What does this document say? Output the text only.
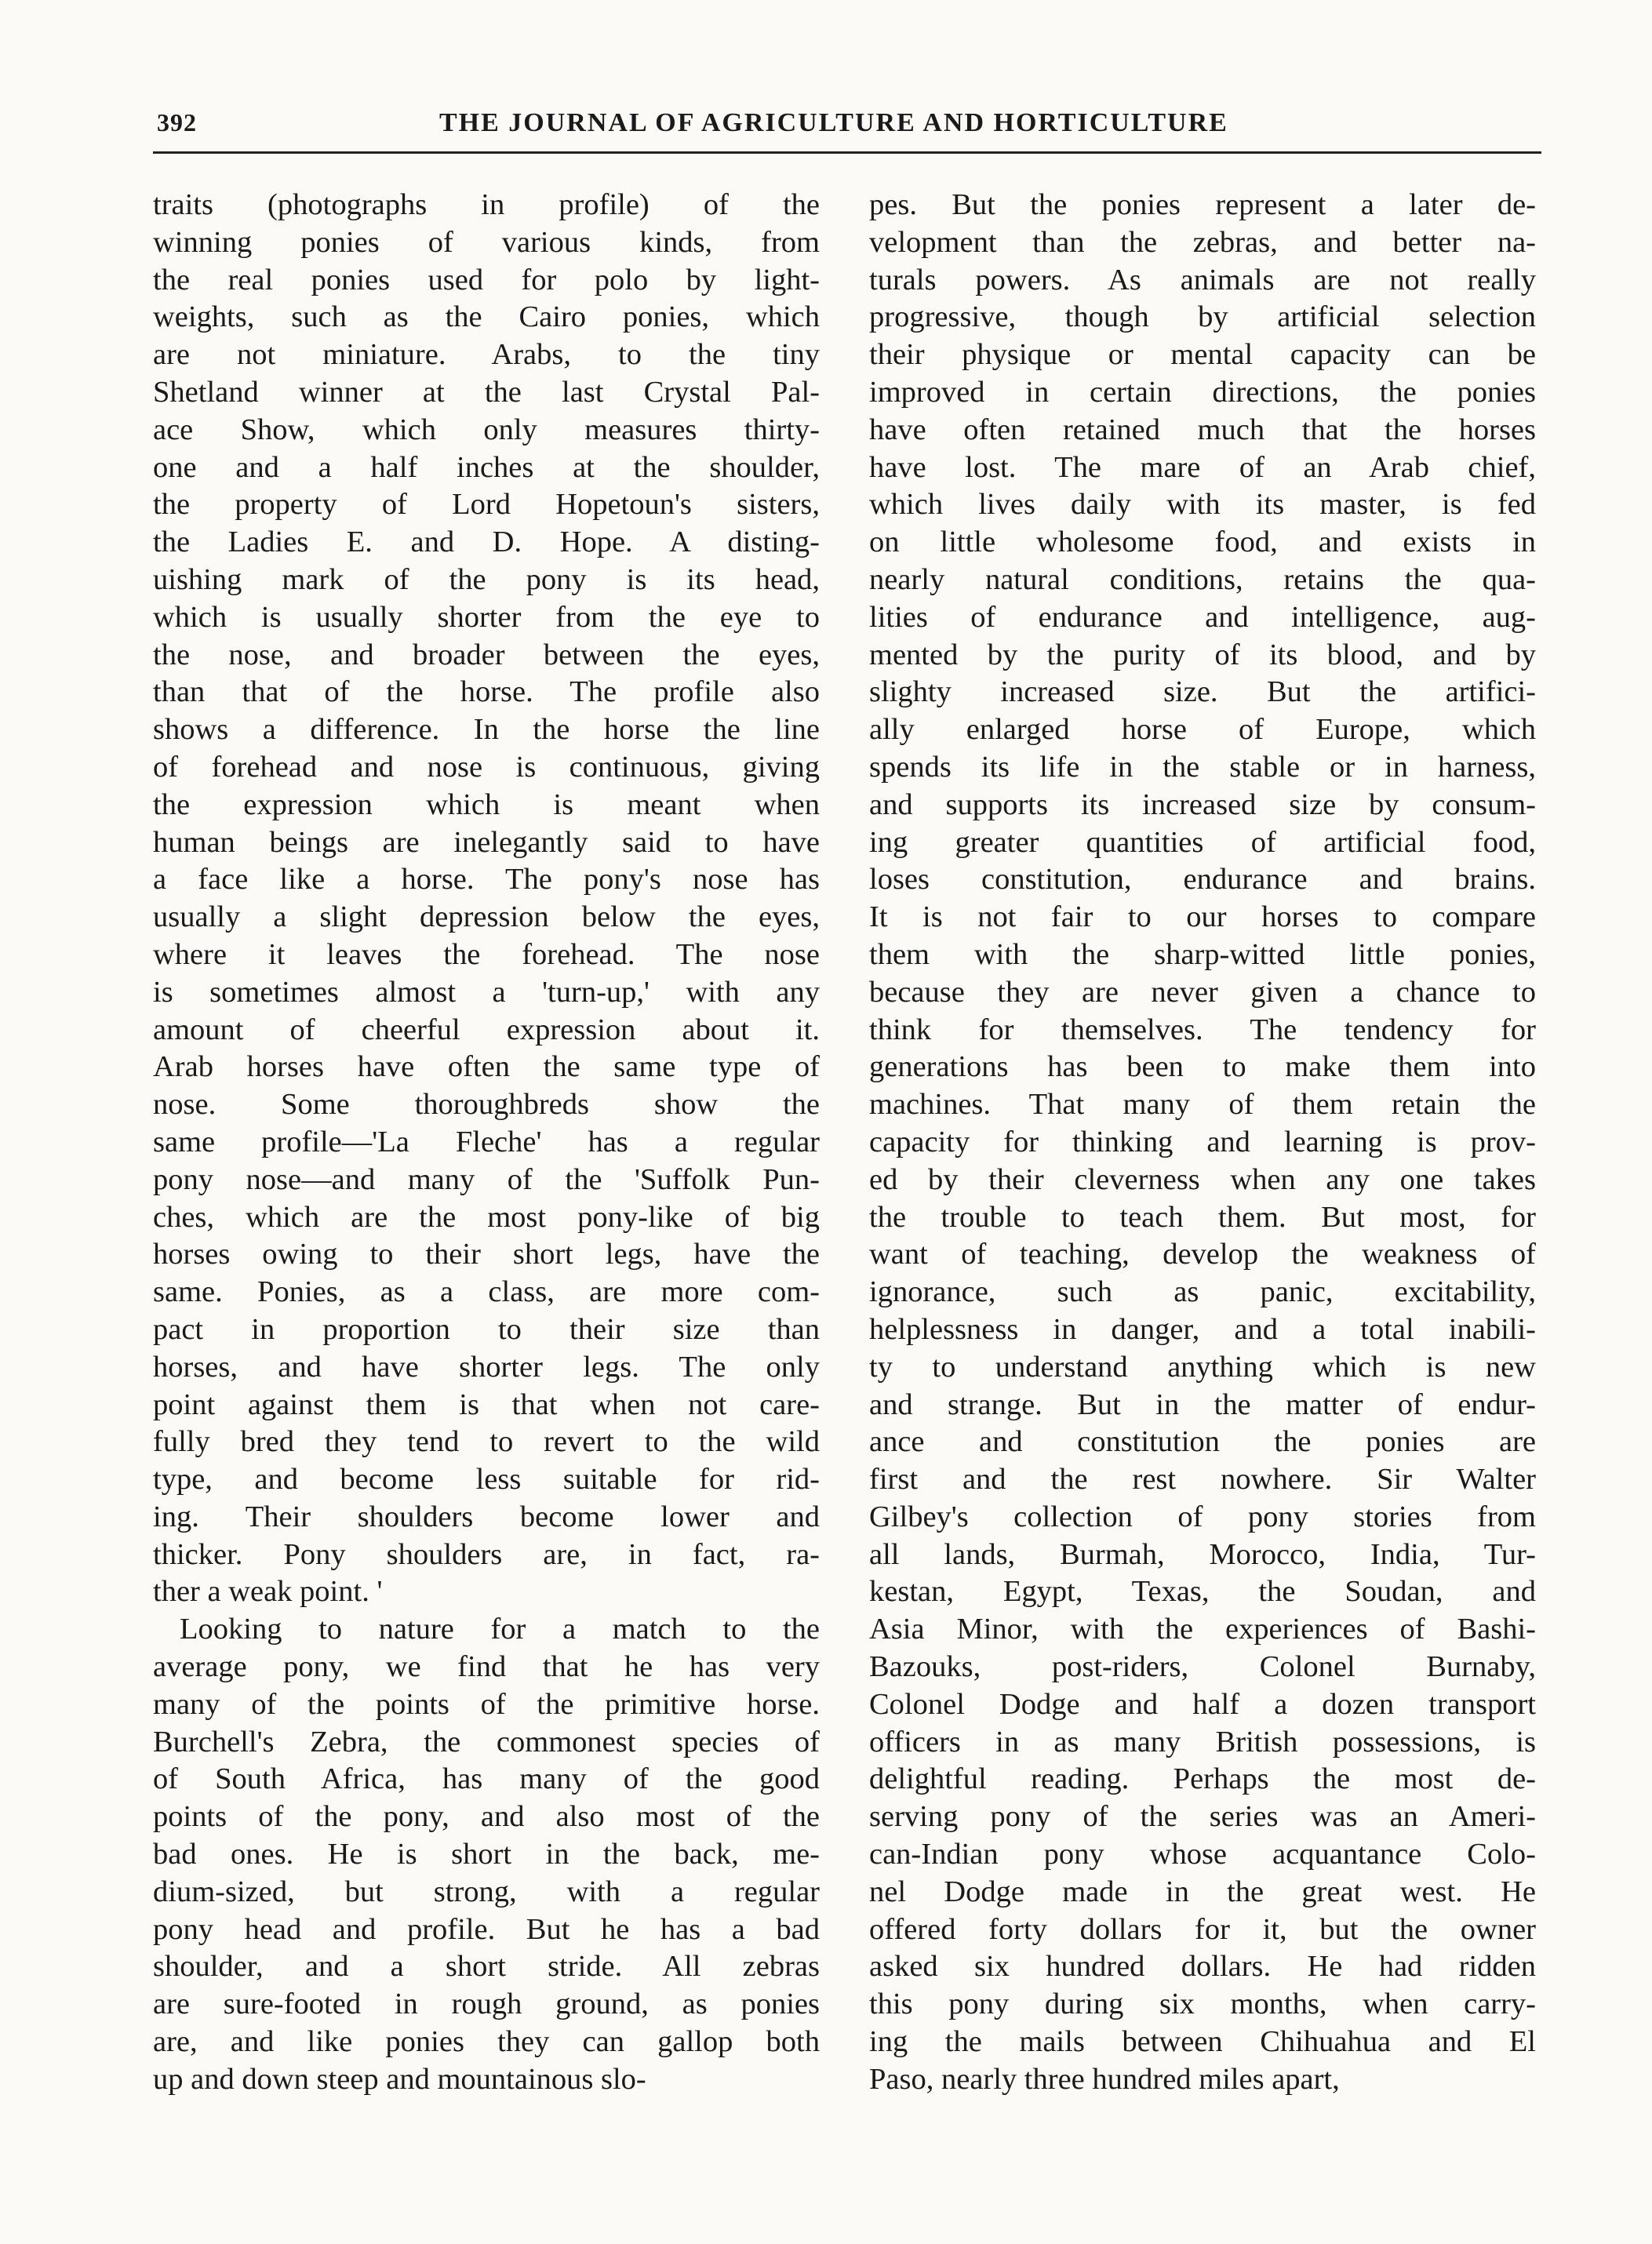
392	THE JOURNAL OF AGRICULTURE AND HORTICULTURE
traits (photographs in profile) of the
winning ponies of various kinds, from
the real ponies used for polo by light-
weights, such as the Cairo ponies, which
are not miniature. Arabs, to the tiny
Shetland winner at the last Crystal Pal-
ace Show, which only measures thirty-
one and a half inches at the shoulder,
the property of Lord Hopetoun's sisters,
the Ladies E. and D. Hope. A disting-
uishing mark of the pony is its head,
which is usually shorter from the eye to
the nose, and broader between the eyes,
than that of the horse. The profile also
shows a difference. In the horse the line
of forehead and nose is continuous, giving
the expression which is meant when
human beings are inelegantly said to have
a face like a horse. The pony's nose has
usually a slight depression below the eyes,
where it leaves the forehead. The nose
is sometimes almost a 'turn-up,' with any
amount of cheerful expression about it.
Arab horses have often the same type of
nose. Some thoroughbreds show the
same profile—'La Fleche' has a regular
pony nose—and many of the 'Suffolk Pun-
ches, which are the most pony-like of big
horses owing to their short legs, have the
same. Ponies, as a class, are more com-
pact in proportion to their size than
horses, and have shorter legs. The only
point against them is that when not care-
fully bred they tend to revert to the wild
type, and become less suitable for rid-
ing. Their shoulders become lower and
thicker. Pony shoulders are, in fact, ra-
ther a weak point. '
Looking to nature for a match to the
average pony, we find that he has very
many of the points of the primitive horse.
Burchell's Zebra, the commonest species of
of South Africa, has many of the good
points of the pony, and also most of the
bad ones. He is short in the back, me-
dium-sized, but strong, with a regular
pony head and profile. But he has a bad
shoulder, and a short stride. All zebras
are sure-footed in rough ground, as ponies
are, and like ponies they can gallop both
up and down steep and mountainous slo-
pes. But the ponies represent a later de-
velopment than the zebras, and better na-
turals powers. As animals are not really
progressive, though by artificial selection
their physique or mental capacity can be
improved in certain directions, the ponies
have often retained much that the horses
have lost. The mare of an Arab chief,
which lives daily with its master, is fed
on little wholesome food, and exists in
nearly natural conditions, retains the qua-
lities of endurance and intelligence, aug-
mented by the purity of its blood, and by
slighty increased size. But the artifici-
ally enlarged horse of Europe, which
spends its life in the stable or in harness,
and supports its increased size by consum-
ing greater quantities of artificial food,
loses constitution, endurance and brains.
It is not fair to our horses to compare
them with the sharp-witted little ponies,
because they are never given a chance to
think for themselves. The tendency for
generations has been to make them into
machines. That many of them retain the
capacity for thinking and learning is prov-
ed by their cleverness when any one takes
the trouble to teach them. But most, for
want of teaching, develop the weakness of
ignorance, such as panic, excitability,
helplessness in danger, and a total inabili-
ty to understand anything which is new
and strange. But in the matter of endur-
ance and constitution the ponies are
first and the rest nowhere. Sir Walter
Gilbey's collection of pony stories from
all lands, Burmah, Morocco, India, Tur-
kestan, Egypt, Texas, the Soudan, and
Asia Minor, with the experiences of Bashi-
Bazouks, post-riders, Colonel Burnaby,
Colonel Dodge and half a dozen transport
officers in as many British possessions, is
delightful reading. Perhaps the most de-
serving pony of the series was an Ameri-
can-Indian pony whose acquantance Colo-
nel Dodge made in the great west. He
offered forty dollars for it, but the owner
asked six hundred dollars. He had ridden
this pony during six months, when carry-
ing the mails between Chihuahua and El
Paso, nearly three hundred miles apart,
